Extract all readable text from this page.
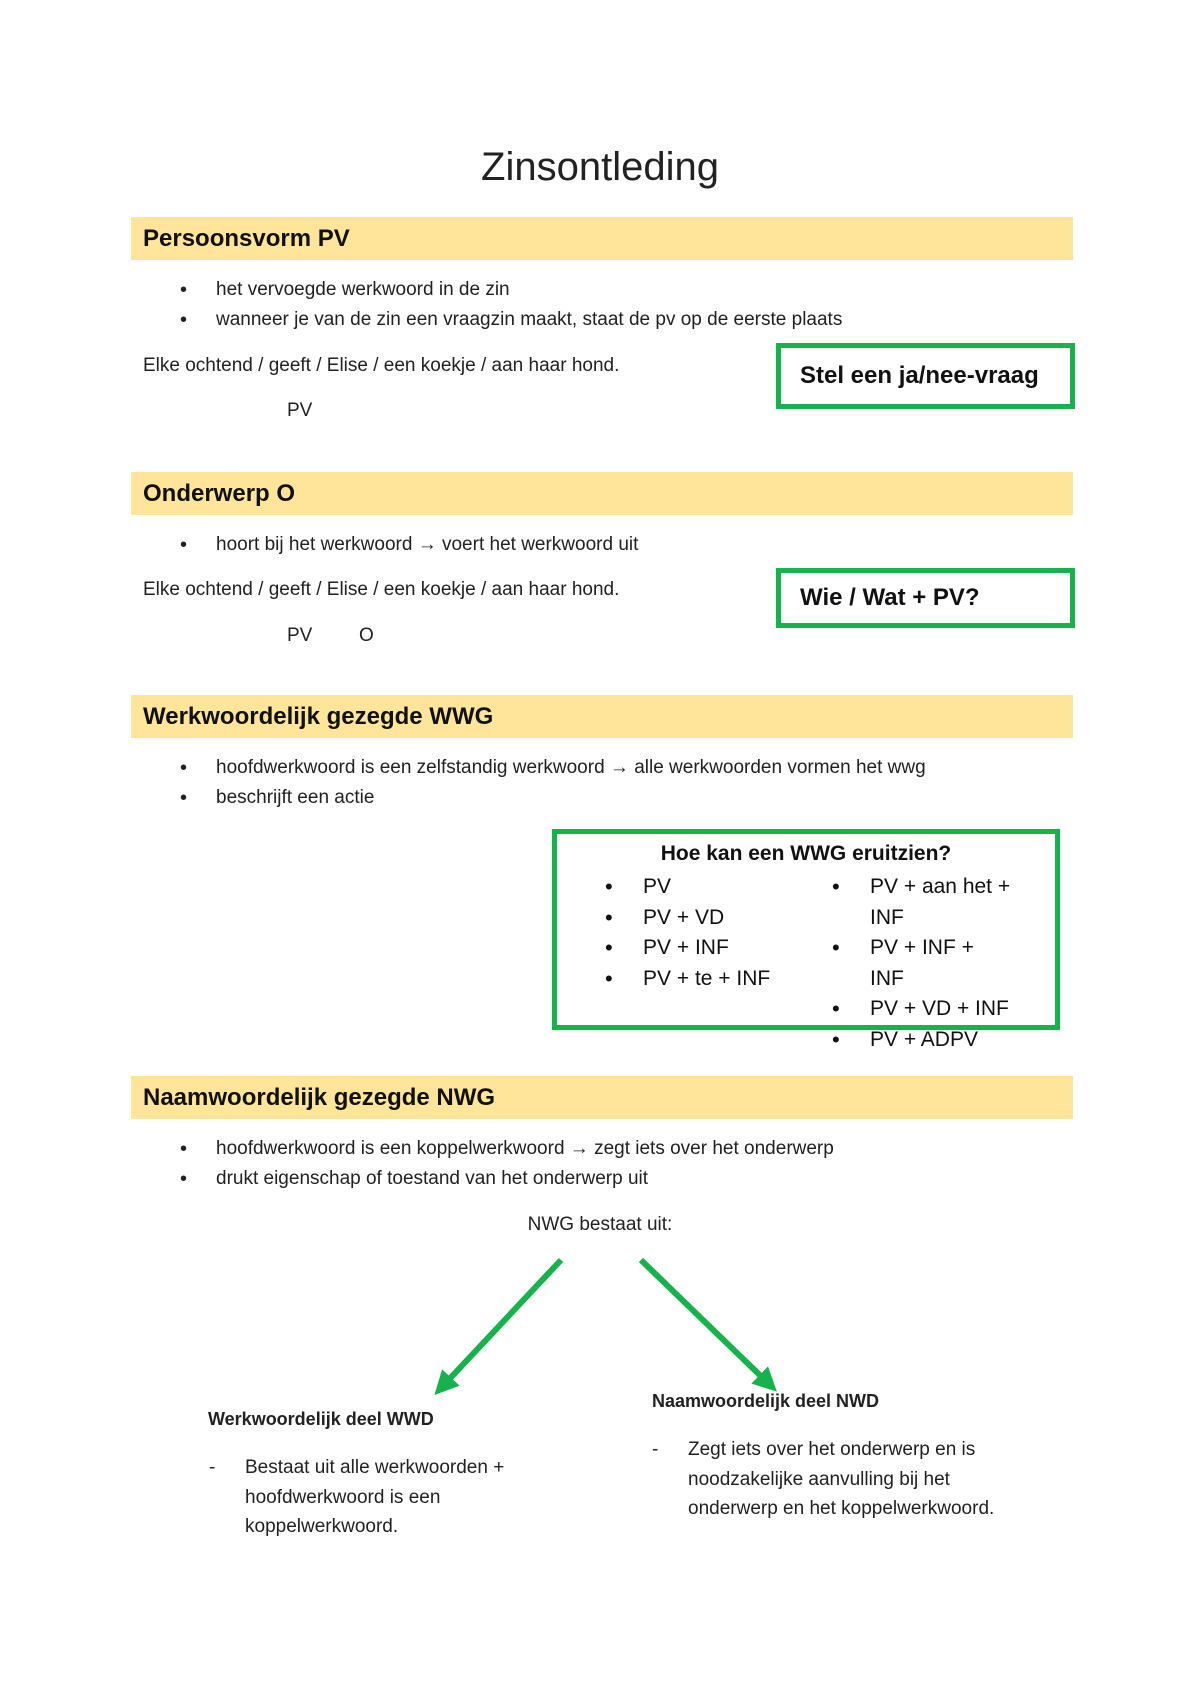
Zinsontleding
Persoonsvorm PV
• het vervoegde werkwoord in de zin
• wanneer je van de zin een vraagzin maakt, staat de pv op de eerste plaats
Elke ochtend / geeft / Elise / een koekje / aan haar hond.
PV
Stel een ja/nee-vraag
Onderwerp O
• hoort bij het werkwoord → voert het werkwoord uit
Elke ochtend / geeft / Elise / een koekje / aan haar hond.
PV O
Wie / Wat + PV?
Werkwoordelijk gezegde WWG
• hoofdwerkwoord is een zelfstandig werkwoord → alle werkwoorden vormen het wwg
• beschrijft een actie
Hoe kan een WWG eruitzien?
• PV
• PV + VD
• PV + INF
• PV + te + INF
• PV + aan het + INF
• PV + INF + INF
• PV + VD + INF
• PV + ADPV
Naamwoordelijk gezegde NWG
• hoofdwerkwoord is een koppelwerkwoord → zegt iets over het onderwerp
• drukt eigenschap of toestand van het onderwerp uit
NWG bestaat uit:
Werkwoordelijk deel WWD
- Bestaat uit alle werkwoorden + hoofdwerkwoord is een koppelwerkwoord.
Naamwoordelijk deel NWD
- Zegt iets over het onderwerp en is noodzakelijke aanvulling bij het onderwerp en het koppelwerkwoord.
